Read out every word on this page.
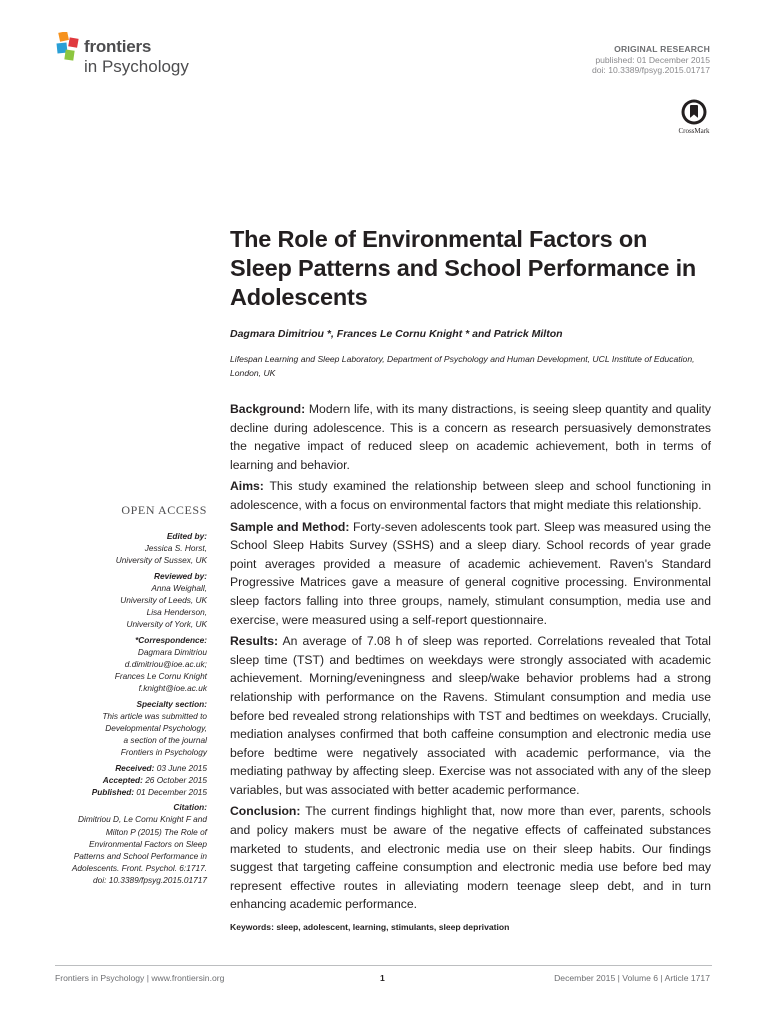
frontiers
in Psychology
ORIGINAL RESEARCH
published: 01 December 2015
doi: 10.3389/fpsyg.2015.01717
CrossMark
The Role of Environmental Factors on Sleep Patterns and School Performance in Adolescents
Dagmara Dimitriou *, Frances Le Cornu Knight * and Patrick Milton
Lifespan Learning and Sleep Laboratory, Department of Psychology and Human Development, UCL Institute of Education, London, UK

Background: Modern life, with its many distractions, is seeing sleep quantity and quality decline during adolescence. This is a concern as research persuasively demonstrates the negative impact of reduced sleep on academic achievement, both in terms of learning and behavior.

Aims: This study examined the relationship between sleep and school functioning in adolescence, with a focus on environmental factors that might mediate this relationship.

Sample and Method: Forty-seven adolescents took part. Sleep was measured using the School Sleep Habits Survey (SSHS) and a sleep diary. School records of year grade point averages provided a measure of academic achievement. Raven's Standard Progressive Matrices gave a measure of general cognitive processing. Environmental sleep factors falling into three groups, namely, stimulant consumption, media use and exercise, were measured using a self-report questionnaire.

Results: An average of 7.08 h of sleep was reported. Correlations revealed that Total sleep time (TST) and bedtimes on weekdays were strongly associated with academic achievement. Morning/eveningness and sleep/wake behavior problems had a strong relationship with performance on the Ravens. Stimulant consumption and media use before bed revealed strong relationships with TST and bedtimes on weekdays. Crucially, mediation analyses confirmed that both caffeine consumption and electronic media use before bedtime were negatively associated with academic performance, via the mediating pathway by affecting sleep. Exercise was not associated with any of the sleep variables, but was associated with better academic performance.

Conclusion: The current findings highlight that, now more than ever, parents, schools and policy makers must be aware of the negative effects of caffeinated substances marketed to students, and electronic media use on their sleep habits. Our findings suggest that targeting caffeine consumption and electronic media use before bed may represent effective routes in alleviating modern teenage sleep debt, and in turn enhancing academic performance.

Keywords: sleep, adolescent, learning, stimulants, sleep deprivation
OPEN ACCESS
Edited by:
Jessica S. Horst,
University of Sussex, UK
Reviewed by:
Anna Weighall,
University of Leeds, UK
Lisa Henderson,
University of York, UK
*Correspondence:
Dagmara Dimitriou
d.dimitriou@ioe.ac.uk;
Frances Le Cornu Knight
f.knight@ioe.ac.uk
Specialty section:
This article was submitted to
Developmental Psychology,
a section of the journal
Frontiers in Psychology
Received: 03 June 2015
Accepted: 26 October 2015
Published: 01 December 2015
Citation:
Dimitriou D, Le Cornu Knight F and
Milton P (2015) The Role of
Environmental Factors on Sleep
Patterns and School Performance in
Adolescents. Front. Psychol. 6:1717.
doi: 10.3389/fpsyg.2015.01717
Frontiers in Psychology | www.frontiersin.org	1	December 2015 | Volume 6 | Article 1717
